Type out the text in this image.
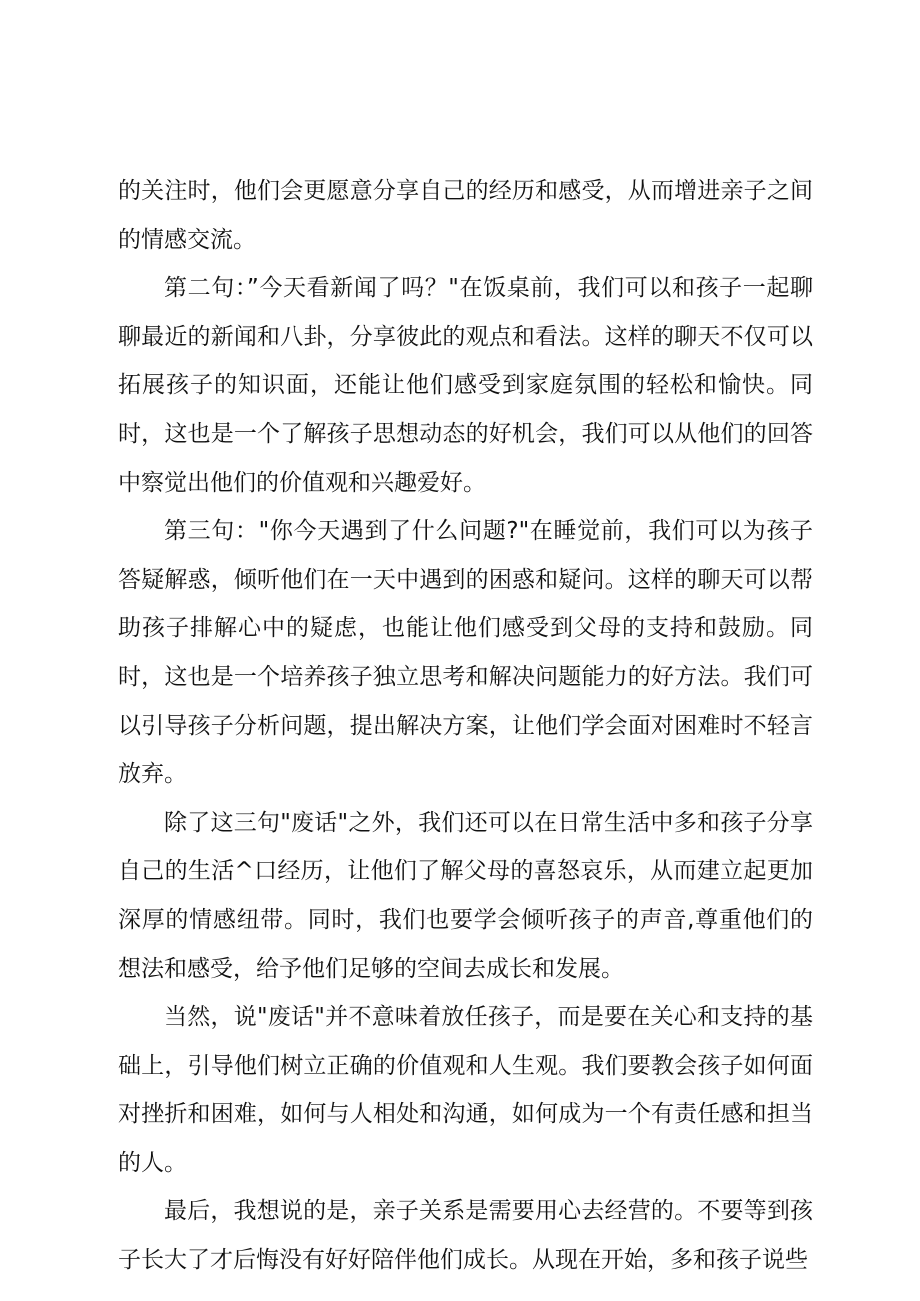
的关注时，他们会更愿意分享自己的经历和感受，从而增进亲子之间的情感交流。

第二句：”今天看新闻了吗？"在饭桌前，我们可以和孩子一起聊聊最近的新闻和八卦，分享彼此的观点和看法。这样的聊天不仅可以拓展孩子的知识面，还能让他们感受到家庭氛围的轻松和愉快。同时，这也是一个了解孩子思想动态的好机会，我们可以从他们的回答中察觉出他们的价值观和兴趣爱好。

第三句："你今天遇到了什么问题?"在睡觉前，我们可以为孩子答疑解惑，倾听他们在一天中遇到的困惑和疑问。这样的聊天可以帮助孩子排解心中的疑虑，也能让他们感受到父母的支持和鼓励。同时，这也是一个培养孩子独立思考和解决问题能力的好方法。我们可以引导孩子分析问题，提出解决方案，让他们学会面对困难时不轻言放弃。

除了这三句"废话"之外，我们还可以在日常生活中多和孩子分享自己的生活^口经历，让他们了解父母的喜怒哀乐，从而建立起更加深厚的情感纽带。同时，我们也要学会倾听孩子的声音,尊重他们的想法和感受，给予他们足够的空间去成长和发展。

当然，说"废话"并不意味着放任孩子，而是要在关心和支持的基础上，引导他们树立正确的价值观和人生观。我们要教会孩子如何面对挫折和困难，如何与人相处和沟通，如何成为一个有责任感和担当的人。

最后，我想说的是，亲子关系是需要用心去经营的。不要等到孩子长大了才后悔没有好好陪伴他们成长。从现在开始，多和孩子说些
